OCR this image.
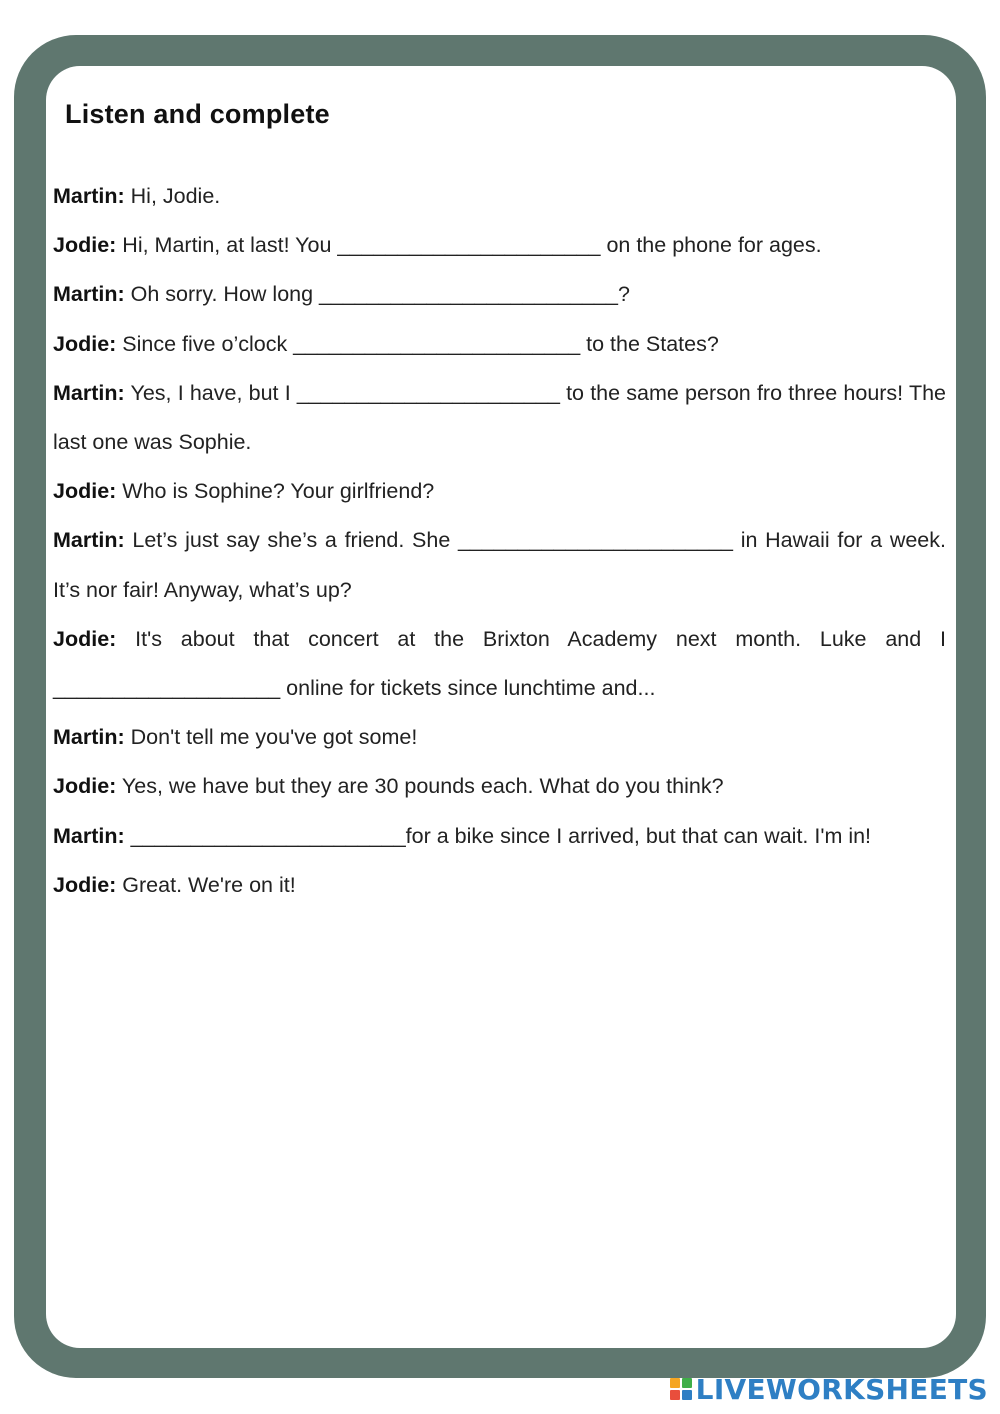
Listen and complete
Martin: Hi, Jodie.
Jodie: Hi, Martin, at last! You ______________________ on the phone for ages.
Martin: Oh sorry. How long _________________________?
Jodie: Since five o’clock ________________________ to the States?
Martin: Yes, I have, but I ______________________ to the same person fro three hours! The last one was Sophie.
Jodie: Who is Sophine? Your girlfriend?
Martin: Let’s just say she’s a friend. She _______________________ in Hawaii for a week. It’s nor fair! Anyway, what’s up?
Jodie: It's about that concert at the Brixton Academy next month. Luke and I ___________________ online for tickets since lunchtime and...
Martin: Don't tell me you've got some!
Jodie: Yes, we have but they are 30 pounds each. What do you think?
Martin: _______________________for a bike since I arrived, but that can wait. I'm in!
Jodie: Great. We're on it!
LIVEWORKSHEETS
